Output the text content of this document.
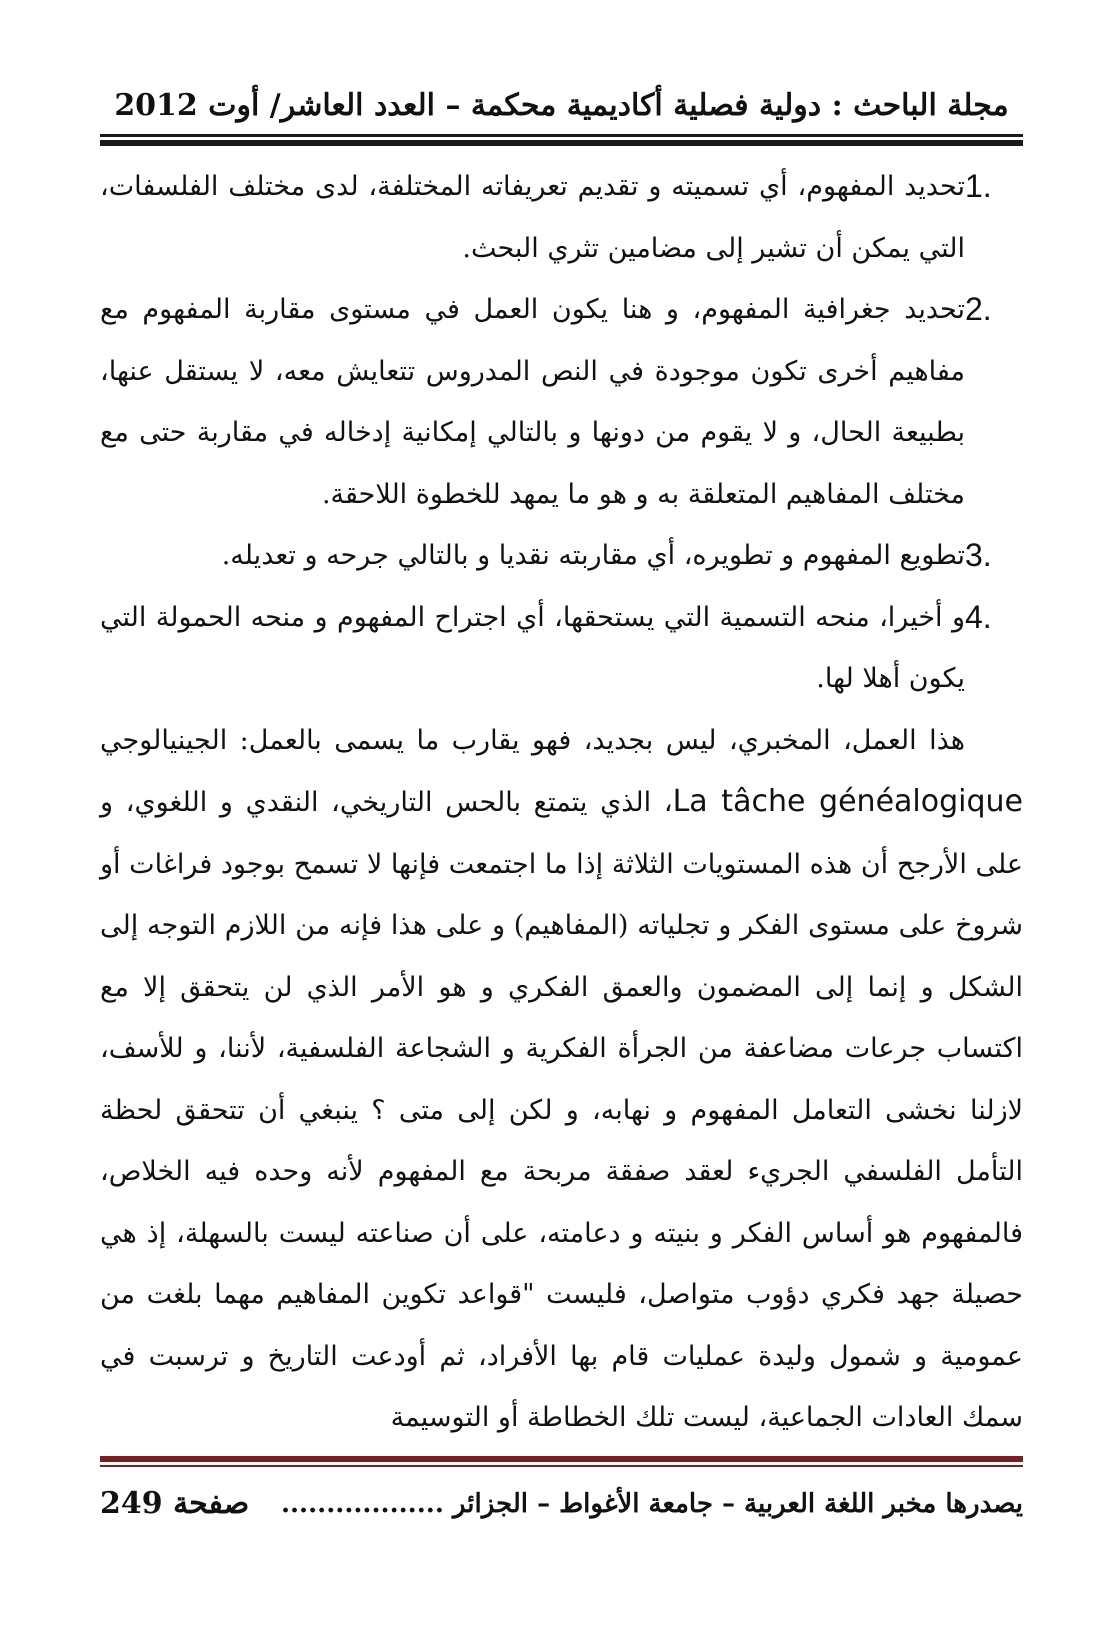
مجلة الباحث : دولية فصلية أكاديمية محكمة – العدد العاشر/ أوت 2012
1.
تحديد المفهوم، أي تسميته و تقديم تعريفاته المختلفة، لدى مختلف الفلسفات، التي يمكن أن تشير إلى مضامين تثري البحث.
2.
تحديد جغرافية المفهوم، و هنا يكون العمل في مستوى مقاربة المفهوم مع مفاهيم أخرى تكون موجودة في النص المدروس تتعايش معه، لا يستقل عنها، بطبيعة الحال، و لا يقوم من دونها و بالتالي إمكانية إدخاله في مقاربة حتى مع مختلف المفاهيم المتعلقة به و هو ما يمهد للخطوة اللاحقة.
3.
تطويع المفهوم و تطويره، أي مقاربته نقديا و بالتالي جرحه و تعديله.
4.
و أخيرا، منحه التسمية التي يستحقها، أي اجتراح المفهوم و منحه الحمولة التي يكون أهلا لها.

هذا العمل، المخبري، ليس بجديد، فهو يقارب ما يسمى بالعمل: الجينيالوجي La tâche généalogique، الذي يتمتع بالحس التاريخي، النقدي و اللغوي، و على الأرجح أن هذه المستويات الثلاثة إذا ما اجتمعت فإنها لا تسمح بوجود فراغات أو شروخ على مستوى الفكر و تجلياته (المفاهيم) و على هذا فإنه من اللازم التوجه إلى الشكل و إنما إلى المضمون والعمق الفكري و هو الأمر الذي لن يتحقق إلا مع اكتساب جرعات مضاعفة من الجرأة الفكرية و الشجاعة الفلسفية، لأننا، و للأسف، لازلنا نخشى التعامل المفهوم و نهابه، و لكن إلى متى ؟ ينبغي أن تتحقق لحظة التأمل الفلسفي الجريء لعقد صفقة مربحة مع المفهوم لأنه وحده فيه الخلاص، فالمفهوم هو أساس الفكر و بنيته و دعامته، على أن صناعته ليست بالسهلة، إذ هي حصيلة جهد فكري دؤوب متواصل، فليست "قواعد تكوين المفاهيم مهما بلغت من عمومية و شمول وليدة عمليات قام بها الأفراد، ثم أودعت التاريخ و ترسبت في سمك العادات الجماعية، ليست تلك الخطاطة أو التوسيمة

يصدرها مخبر اللغة العربية – جامعة الأغواط – الجزائر ..................
صفحة 249
